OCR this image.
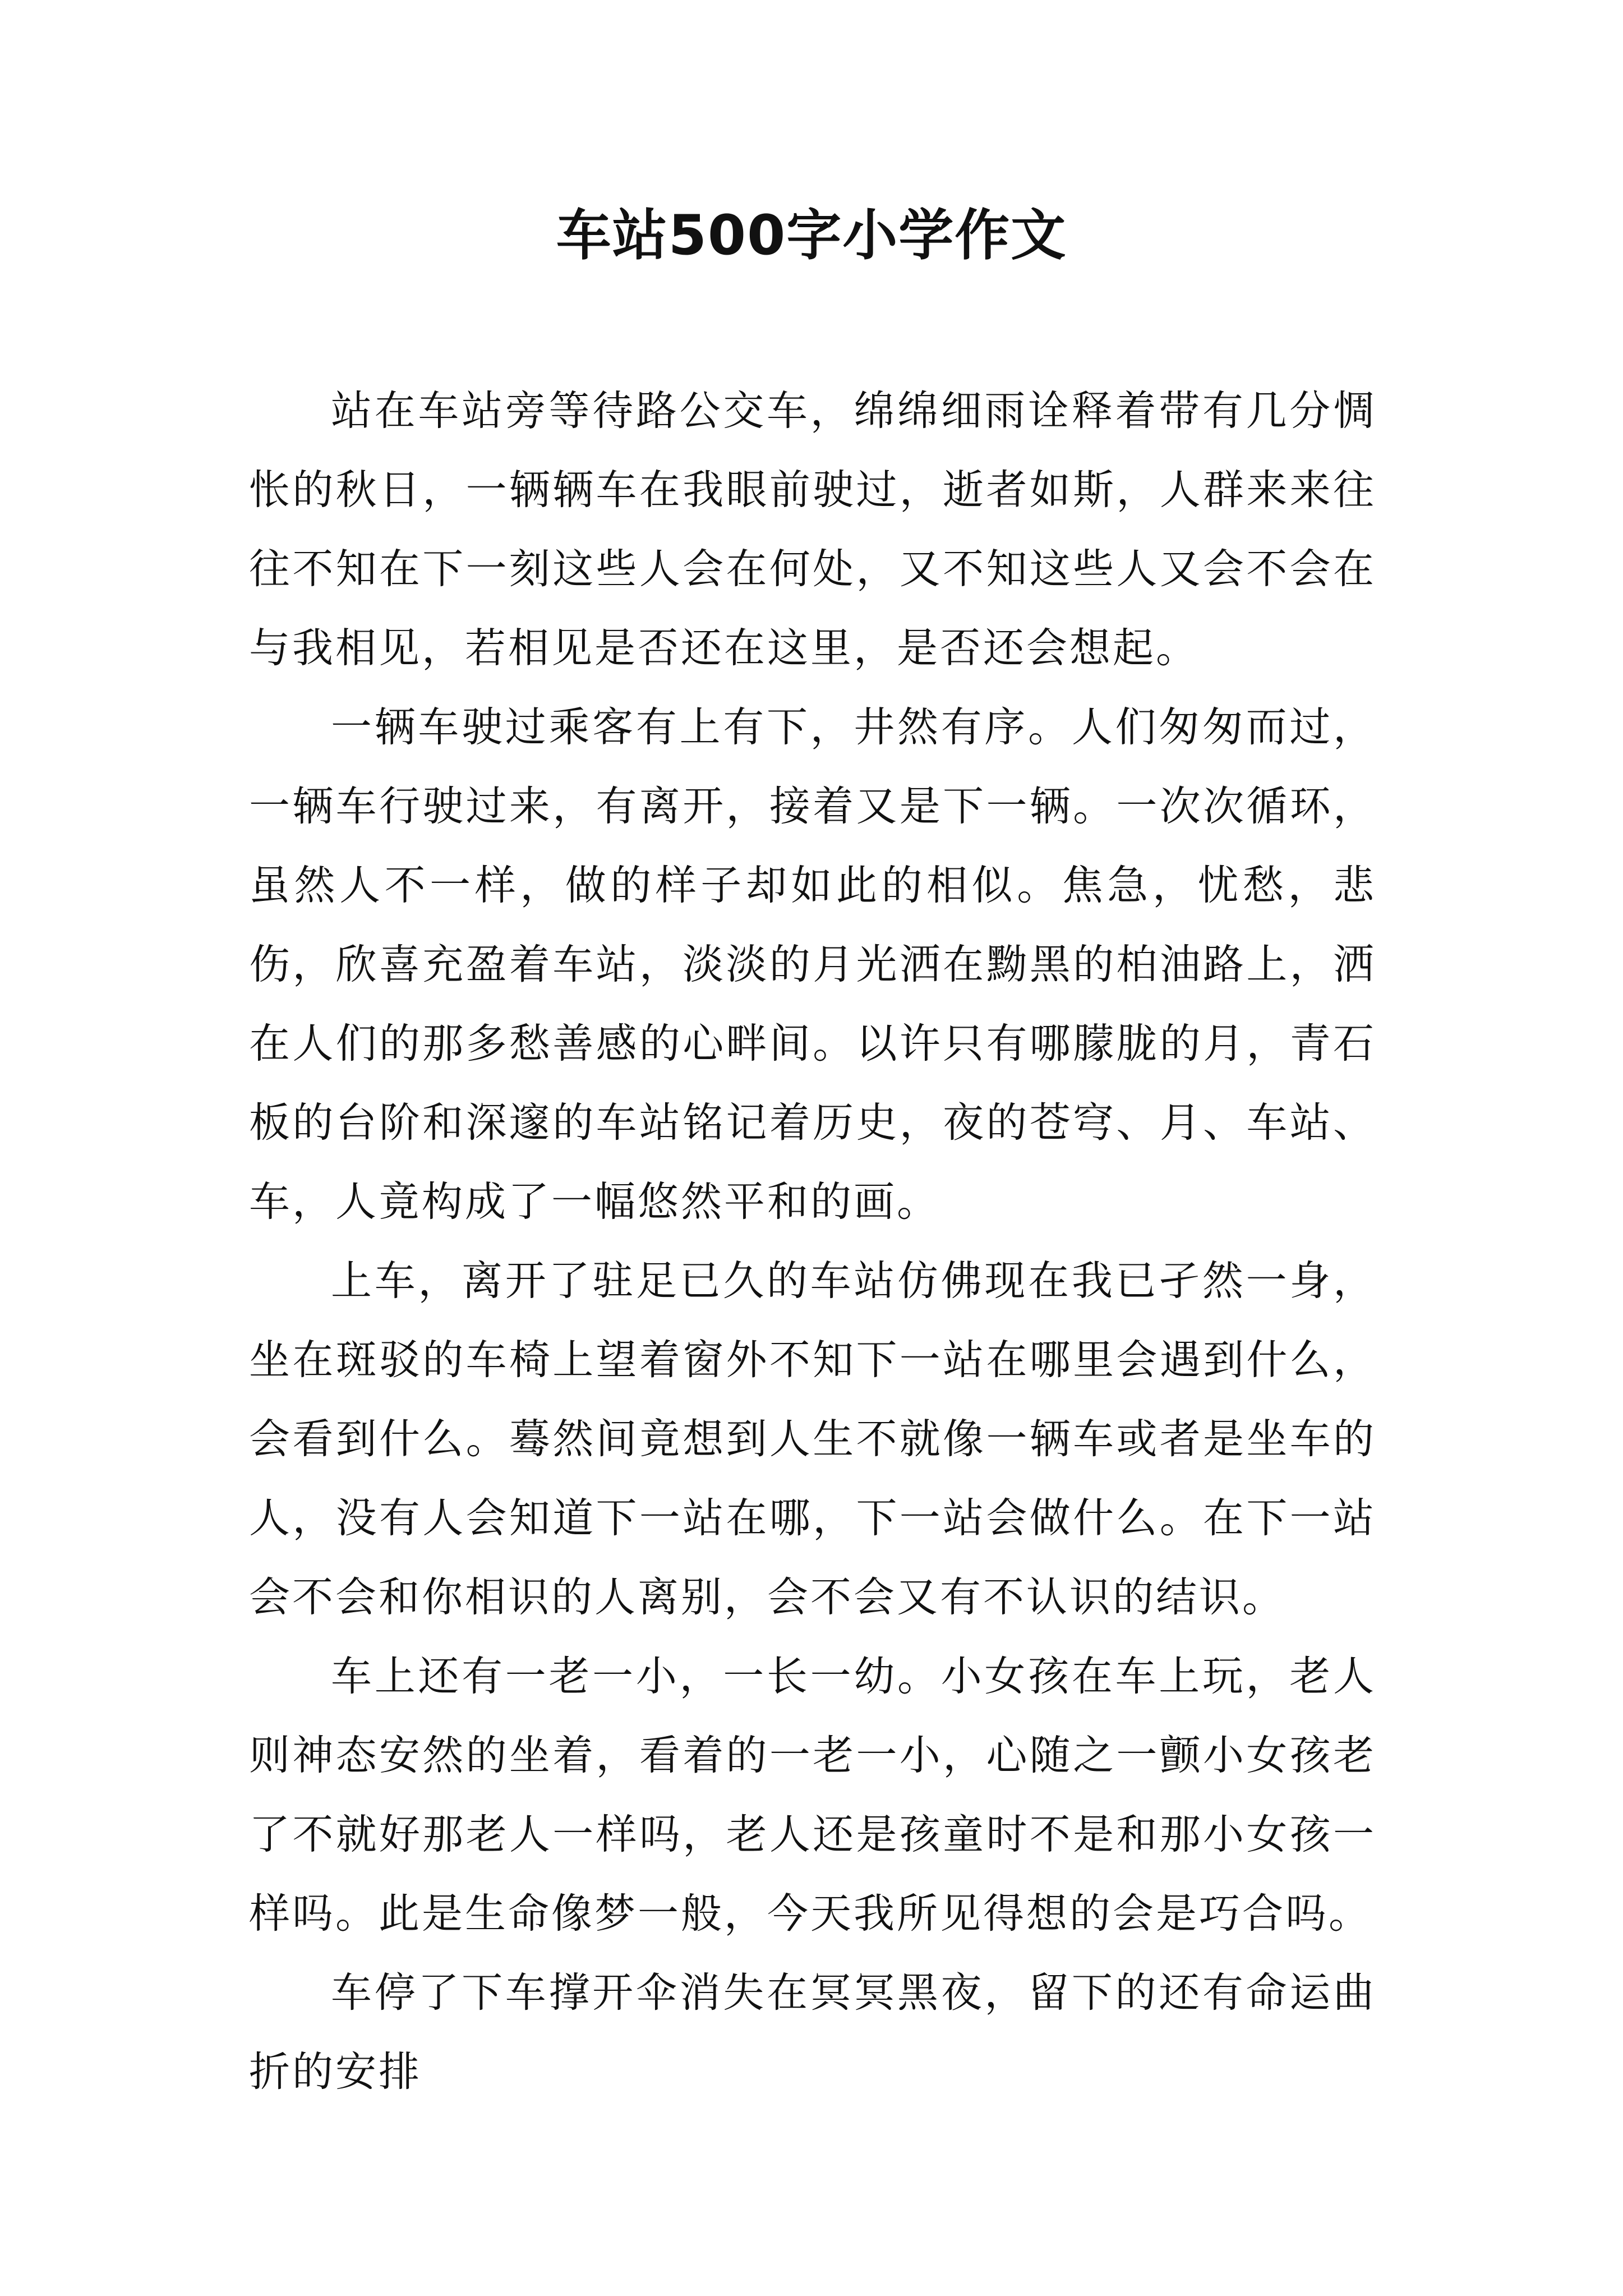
车站500字小学作文

站在车站旁等待路公交车，绵绵细雨诠释着带有几分惆怅的秋日，一辆辆车在我眼前驶过，逝者如斯，人群来来往往不知在下一刻这些人会在何处，又不知这些人又会不会在与我相见，若相见是否还在这里，是否还会想起。

一辆车驶过乘客有上有下，井然有序。人们匆匆而过，一辆车行驶过来，有离开，接着又是下一辆。一次次循环，虽然人不一样，做的样子却如此的相似。焦急，忧愁，悲伤，欣喜充盈着车站，淡淡的月光洒在黝黑的柏油路上，洒在人们的那多愁善感的心畔间。以许只有哪朦胧的月，青石板的台阶和深邃的车站铭记着历史，夜的苍穹、月、车站、车，人竟构成了一幅悠然平和的画。

上车，离开了驻足已久的车站仿佛现在我已孑然一身，坐在斑驳的车椅上望着窗外不知下一站在哪里会遇到什么，会看到什么。蓦然间竟想到人生不就像一辆车或者是坐车的人，没有人会知道下一站在哪，下一站会做什么。在下一站会不会和你相识的人离别，会不会又有不认识的结识。

车上还有一老一小，一长一幼。小女孩在车上玩，老人则神态安然的坐着，看着的一老一小，心随之一颤小女孩老了不就好那老人一样吗，老人还是孩童时不是和那小女孩一样吗。此是生命像梦一般，今天我所见得想的会是巧合吗。

车停了下车撑开伞消失在冥冥黑夜，留下的还有命运曲折的安排
